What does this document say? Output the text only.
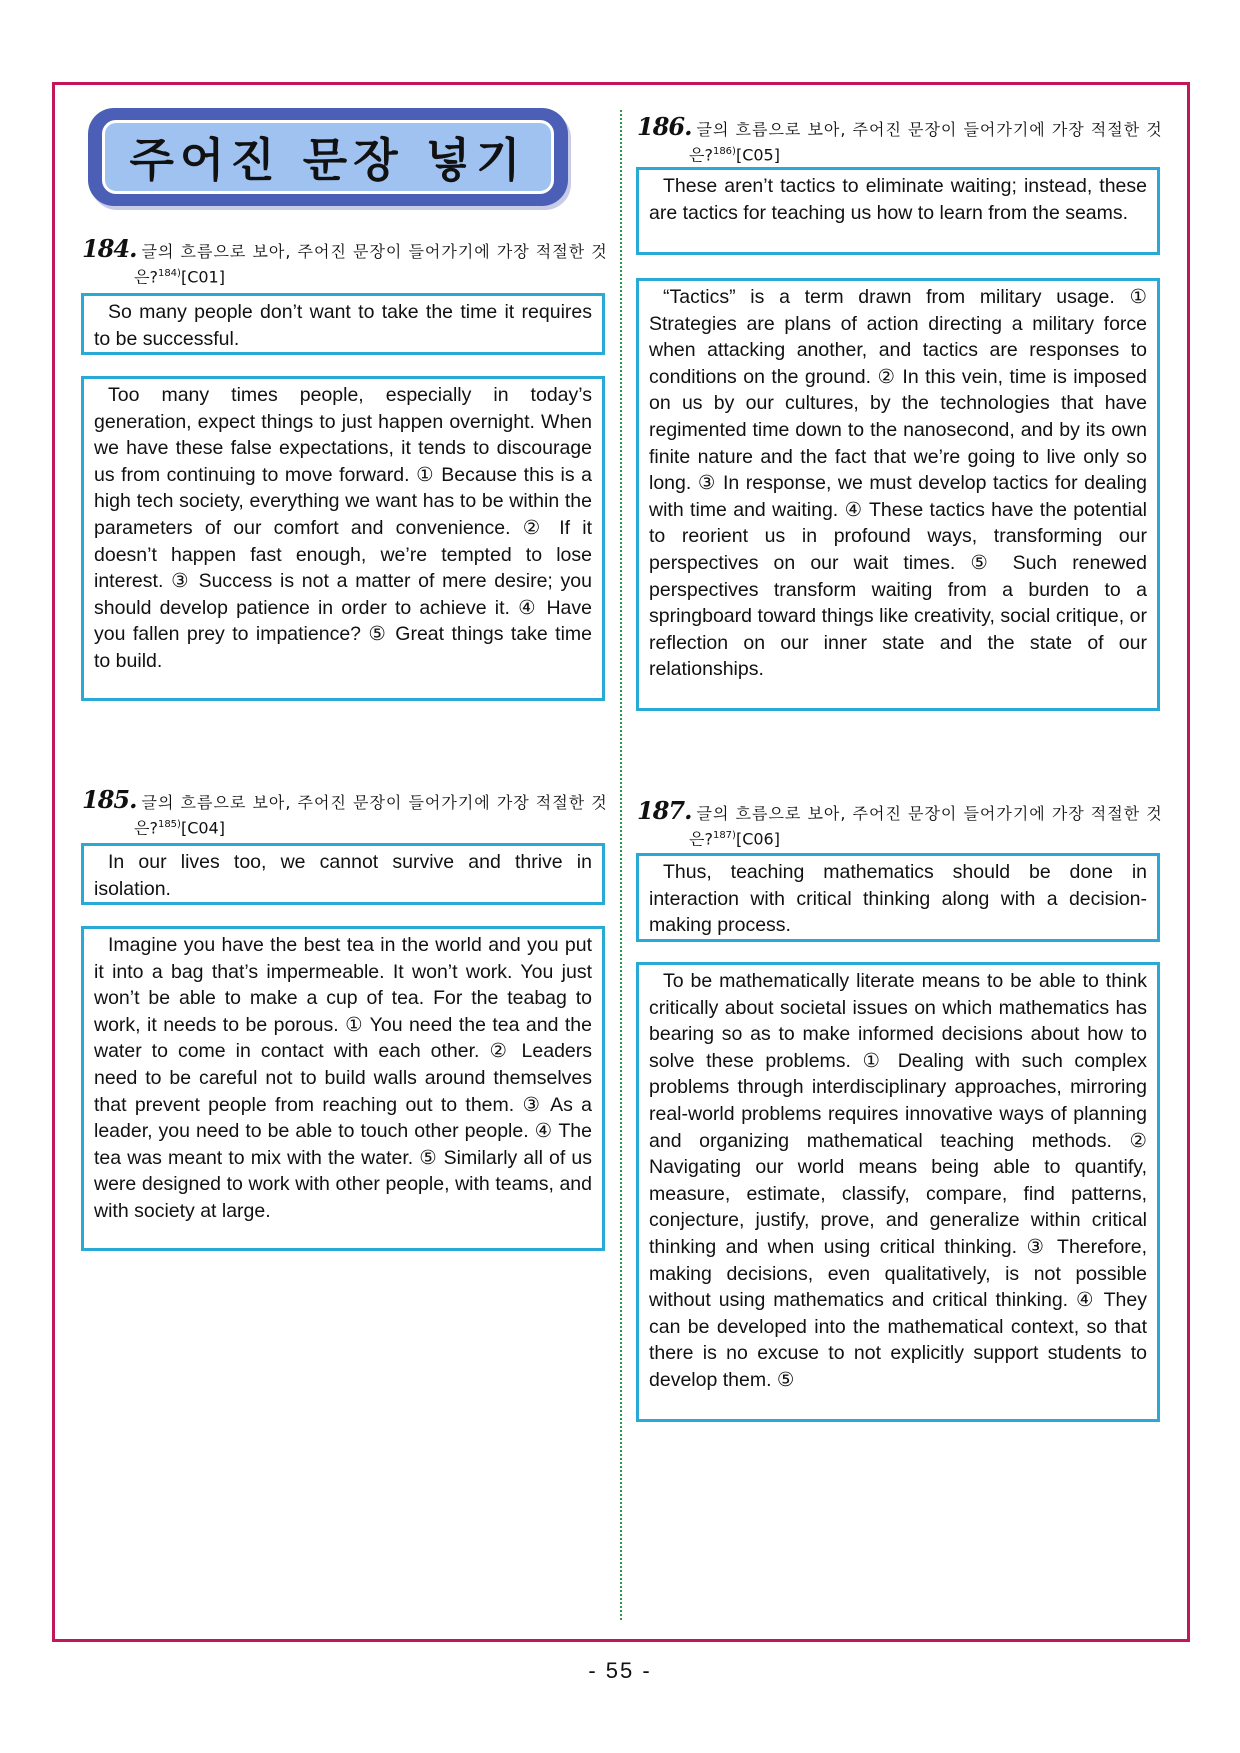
주어진 문장 넣기
184. 글의 흐름으로 보아, 주어진 문장이 들어가기에 가장 적절한 것
은?$^{184)}$[C01]

So many people don’t want to take the time it requires to be successful.

Too many times people, especially in today’s generation, expect things to just happen overnight. When we have these false expectations, it tends to discourage us from continuing to move forward. ① Because this is a high tech society, everything we want has to be within the parameters of our comfort and convenience. ② If it doesn’t happen fast enough, we’re tempted to lose interest. ③ Success is not a matter of mere desire; you should develop patience in order to achieve it. ④ Have you fallen prey to impatience? ⑤ Great things take time to build.

185. 글의 흐름으로 보아, 주어진 문장이 들어가기에 가장 적절한 것
은?$^{185)}$[C04]

In our lives too, we cannot survive and thrive in isolation.

Imagine you have the best tea in the world and you put it into a bag that’s impermeable. It won’t work. You just won’t be able to make a cup of tea. For the teabag to work, it needs to be porous. ① You need the tea and the water to come in contact with each other. ② Leaders need to be careful not to build walls around themselves that prevent people from reaching out to them. ③ As a leader, you need to be able to touch other people. ④ The tea was meant to mix with the water. ⑤ Similarly all of us were designed to work with other people, with teams, and with society at large.

186. 글의 흐름으로 보아, 주어진 문장이 들어가기에 가장 적절한 것
은?$^{186)}$[C05]

These aren’t tactics to eliminate waiting; instead, these are tactics for teaching us how to learn from the seams.

“Tactics” is a term drawn from military usage. ① Strategies are plans of action directing a military force when attacking another, and tactics are responses to conditions on the ground. ② In this vein, time is imposed on us by our cultures, by the technologies that have regimented time down to the nanosecond, and by its own finite nature and the fact that we’re going to live only so long. ③ In response, we must develop tactics for dealing with time and waiting. ④ These tactics have the potential to reorient us in profound ways, transforming our perspectives on our wait times. ⑤ Such renewed perspectives transform waiting from a burden to a springboard toward things like creativity, social critique, or reflection on our inner state and the state of our relationships.

187. 글의 흐름으로 보아, 주어진 문장이 들어가기에 가장 적절한 것
은?$^{187)}$[C06]

Thus, teaching mathematics should be done in interaction with critical thinking along with a decision-making process.

To be mathematically literate means to be able to think critically about societal issues on which mathematics has bearing so as to make informed decisions about how to solve these problems. ① Dealing with such complex problems through interdisciplinary approaches, mirroring real-world problems requires innovative ways of planning and organizing mathematical teaching methods. ② Navigating our world means being able to quantify, measure, estimate, classify, compare, find patterns, conjecture, justify, prove, and generalize within critical thinking and when using critical thinking. ③ Therefore, making decisions, even qualitatively, is not possible without using mathematics and critical thinking. ④ They can be developed into the mathematical context, so that there is no excuse to not explicitly support students to develop them. ⑤

- 55 -
